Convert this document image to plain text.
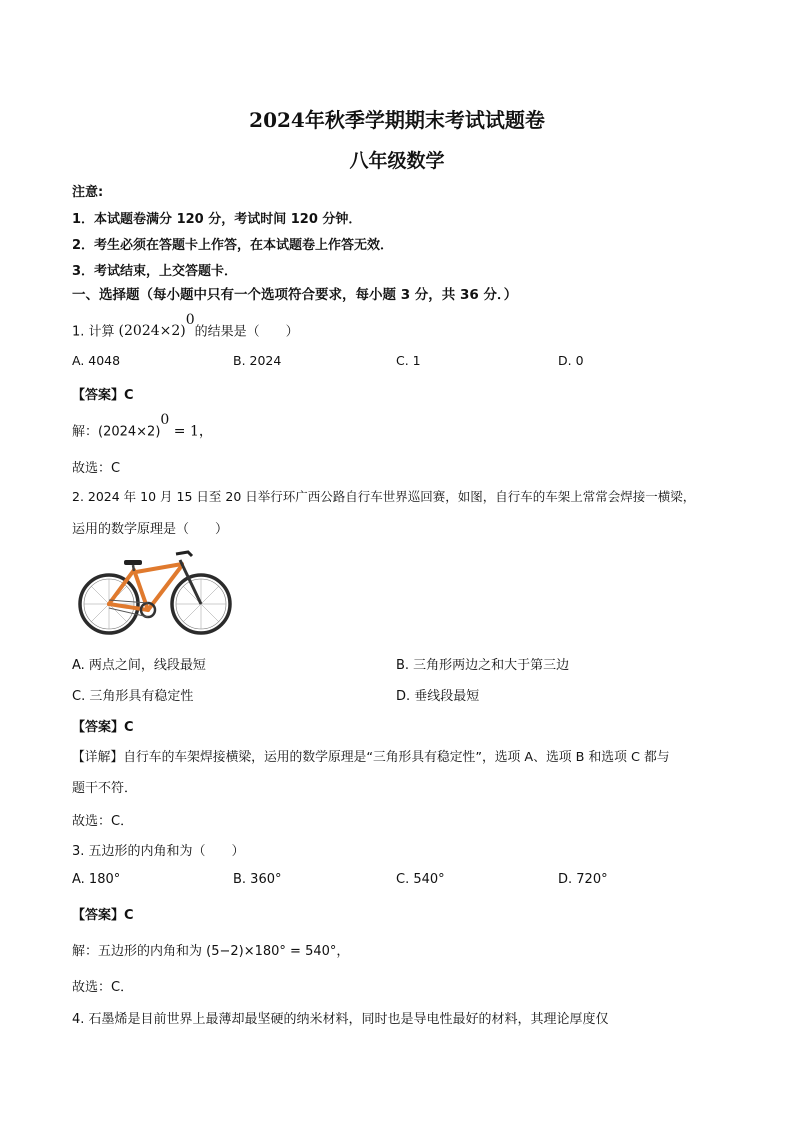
2024年秋季学期期末考试试题卷
八年级数学
注意:
1．本试题卷满分 120 分，考试时间 120 分钟．
2．考生必须在答题卡上作答，在本试题卷上作答无效．
3．考试结束，上交答题卡．
一、选择题（每小题中只有一个选项符合要求，每小题 3 分，共 36 分．）
1. 计算 $(2024\times 2)^0$的结果是（　　）
A. 4048	B. 2024	C. 1	D. 0
【答案】C
解：$(2024\times 2)^0 = 1$，
故选：C
2. 2024 年 10 月 15 日至 20 日举行环广西公路自行车世界巡回赛，如图，自行车的车架上常常会焊接一横梁，
运用的数学原理是（　　）
A. 两点之间，线段最短	B. 三角形两边之和大于第三边
C. 三角形具有稳定性	D. 垂线段最短
【答案】C
【详解】自行车的车架焊接横梁，运用的数学原理是“三角形具有稳定性”，选项 A、选项 B 和选项 C 都与
题干不符．
故选：C．
3. 五边形的内角和为（　　）
A. 180°	B. 360°	C. 540°	D. 720°
【答案】C
解：五边形的内角和为 (5−2)×180° = 540°，
故选：C．
4. 石墨烯是目前世界上最薄却最坚硬的纳米材料，同时也是导电性最好的材料，其理论厚度仅
